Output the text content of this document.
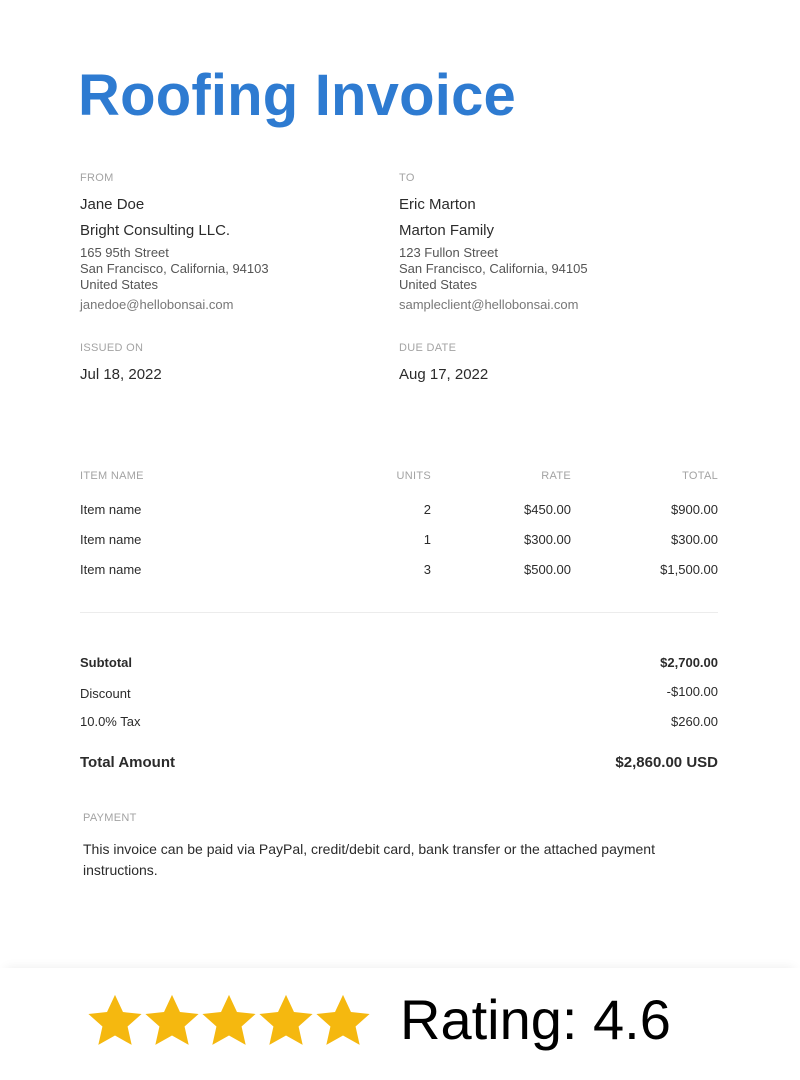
Roofing Invoice
FROM
Jane Doe
Bright Consulting LLC.
165 95th Street
San Francisco, California, 94103
United States
janedoe@hellobonsai.com
TO
Eric Marton
Marton Family
123 Fullon Street
San Francisco, California, 94105
United States
sampleclient@hellobonsai.com
ISSUED ON
Jul 18, 2022
DUE DATE
Aug 17, 2022
ITEM NAME	UNITS	RATE	TOTAL
Item name	2	$450.00	$900.00
Item name	1	$300.00	$300.00
Item name	3	$500.00	$1,500.00
Subtotal	$2,700.00
Discount	-$100.00
10.0% Tax	$260.00
Total Amount	$2,860.00 USD
PAYMENT
This invoice can be paid via PayPal, credit/debit card, bank transfer or the attached payment instructions.
Rating: 4.6
